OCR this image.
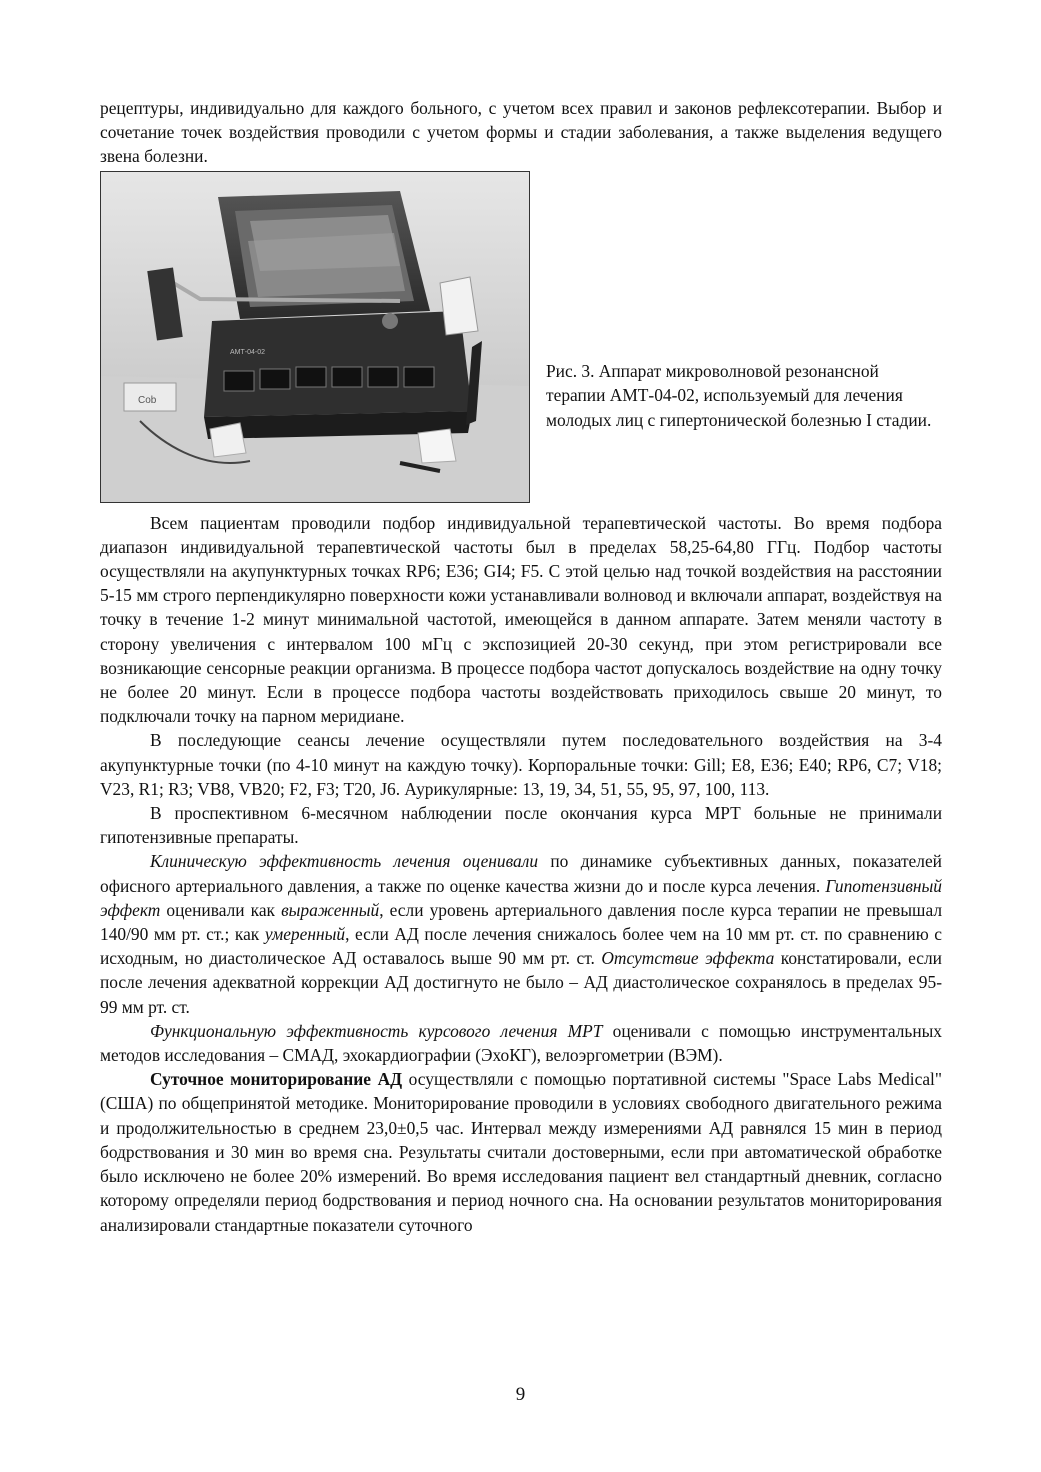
рецептуры, индивидуально для каждого больного, с учетом всех правил и законов рефлексотерапии. Выбор и сочетание точек воздействия проводили с учетом формы и стадии заболевания, а также выделения ведущего звена болезни.

АМТ-04-02
Соb
Рис. 3. Аппарат микроволновой резонансной терапии АМТ-04-02, используемый для лечения молодых лиц с гипертонической болезнью I стадии.

Всем пациентам проводили подбор индивидуальной терапевтической частоты. Во время подбора диапазон индивидуальной терапевтической частоты был в пределах 58,25-64,80 ГГц. Подбор частоты осуществляли на акупунктурных точках RP6; E36; GI4; F5. С этой целью над точкой воздействия на расстоянии 5-15 мм строго перпендикулярно поверхности кожи устанавливали волновод и включали аппарат, воздействуя на точку в течение 1-2 минут минимальной частотой, имеющейся в данном аппарате. Затем меняли частоту в сторону увеличения с интервалом 100 мГц с экспозицией 20-30 секунд, при этом регистрировали все возникающие сенсорные реакции организма. В процессе подбора частот допускалось воздействие на одну точку не более 20 минут. Если в процессе подбора частоты воздействовать приходилось свыше 20 минут, то подключали точку на парном меридиане.

В последующие сеансы лечение осуществляли путем последовательного воздействия на 3-4 акупунктурные точки (по 4-10 минут на каждую точку). Корпоральные точки: Gill; E8, E36; E40; RP6, C7; V18; V23, R1; R3; VB8, VB20; F2, F3; T20, J6. Аурикулярные: 13, 19, 34, 51, 55, 95, 97, 100, 113.

В проспективном 6-месячном наблюдении после окончания курса МРТ больные не принимали гипотензивные препараты.

Клиническую эффективность лечения оценивали по динамике субъективных данных, показателей офисного артериального давления, а также по оценке качества жизни до и после курса лечения. Гипотензивный эффект оценивали как выраженный, если уровень артериального давления после курса терапии не превышал 140/90 мм рт. ст.; как умеренный, если АД после лечения снижалось более чем на 10 мм рт. ст. по сравнению с исходным, но диастолическое АД оставалось выше 90 мм рт. ст. Отсутствие эффекта констатировали, если после лечения адекватной коррекции АД достигнуто не было – АД диастолическое сохранялось в пределах 95-99 мм рт. ст.

Функциональную эффективность курсового лечения МРТ оценивали с помощью инструментальных методов исследования – СМАД, эхокардиографии (ЭхоКГ), велоэргометрии (ВЭМ).

Суточное мониторирование АД осуществляли с помощью портативной системы "Space Labs Medical" (США) по общепринятой методике. Мониторирование проводили в условиях свободного двигательного режима и продолжительностью в среднем 23,0±0,5 час. Интервал между измерениями АД равнялся 15 мин в период бодрствования и 30 мин во время сна. Результаты считали достоверными, если при автоматической обработке было исключено не более 20% измерений. Во время исследования пациент вел стандартный дневник, согласно которому определяли период бодрствования и период ночного сна. На основании результатов мониторирования анализировали стандартные показатели суточного

9
